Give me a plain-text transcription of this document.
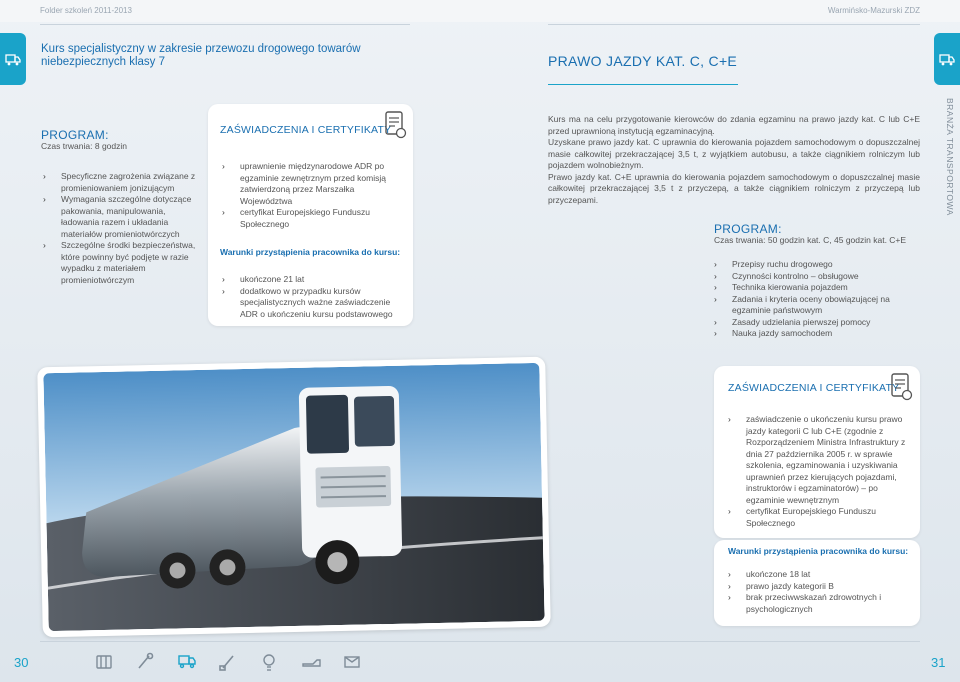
Folder szkoleń 2011-2013	Warmińsko-Mazurski ZDZ
Kurs specjalistyczny w zakresie przewozu drogowego towarów niebezpiecznych klasy 7
PROGRAM:
Czas trwania: 8 godzin
› Specyficzne zagrożenia związane z promieniowaniem jonizującym
› Wymagania szczególne dotyczące pakowania, manipulowania, ładowania razem i układania materiałów promieniotwórczych
› Szczególne środki bezpieczeństwa, które powinny być podjęte w razie wypadku z materiałem promieniotwórczym
ZAŚWIADCZENIA I CERTYFIKATY
› uprawnienie międzynarodowe ADR po egzaminie zewnętrznym przed komisją zatwierdzoną przez Marszałka Województwa
› certyfikat Europejskiego Funduszu Społecznego
Warunki przystąpienia pracownika do kursu:
› ukończone 21 lat
› dodatkowo w przypadku kursów specjalistycznych ważne zaświadczenie ADR o ukończeniu kursu podstawowego
PRAWO JAZDY KAT. C, C+E

Kurs ma na celu przygotowanie kierowców do zdania egzaminu na prawo jazdy kat. C lub C+E przed uprawnioną instytucją egzaminacyjną.

Uzyskane prawo jazdy kat. C uprawnia do kierowania pojazdem samochodowym o dopuszczalnej masie całkowitej przekraczającej 3,5 t, z wyjątkiem autobusu, a także ciągnikiem rolniczym lub pojazdem wolnobieżnym.

Prawo jazdy kat. C+E uprawnia do kierowania pojazdem samochodowym o dopuszczalnej masie całkowitej przekraczającej 3,5 t z przyczepą, a także ciągnikiem rolniczym z przyczepą lub przyczepami.

PROGRAM:
Czas trwania: 50 godzin kat. C, 45 godzin kat. C+E
› Przepisy ruchu drogowego
› Czynności kontrolno – obsługowe
› Technika kierowania pojazdem
› Zadania i kryteria oceny obowiązującej na egzaminie państwowym
› Zasady udzielania pierwszej pomocy
› Nauka jazdy samochodem
ZAŚWIADCZENIA I CERTYFIKATY
› zaświadczenie o ukończeniu kursu prawo jazdy kategorii C lub C+E (zgodnie z Rozporządzeniem Ministra Infrastruktury z dnia 27 października 2005 r. w sprawie szkolenia, egzaminowania i uzyskiwania uprawnień przez kierujących pojazdami, instruktorów i egzaminatorów) – po egzaminie wewnętrznym
› certyfikat Europejskiego Funduszu Społecznego
Warunki przystąpienia pracownika do kursu:
› ukończone 18 lat
› prawo jazdy kategorii B
› brak przeciwwskazań zdrowotnych i psychologicznych
BRANŻA TRANSPORTOWA
30	31
